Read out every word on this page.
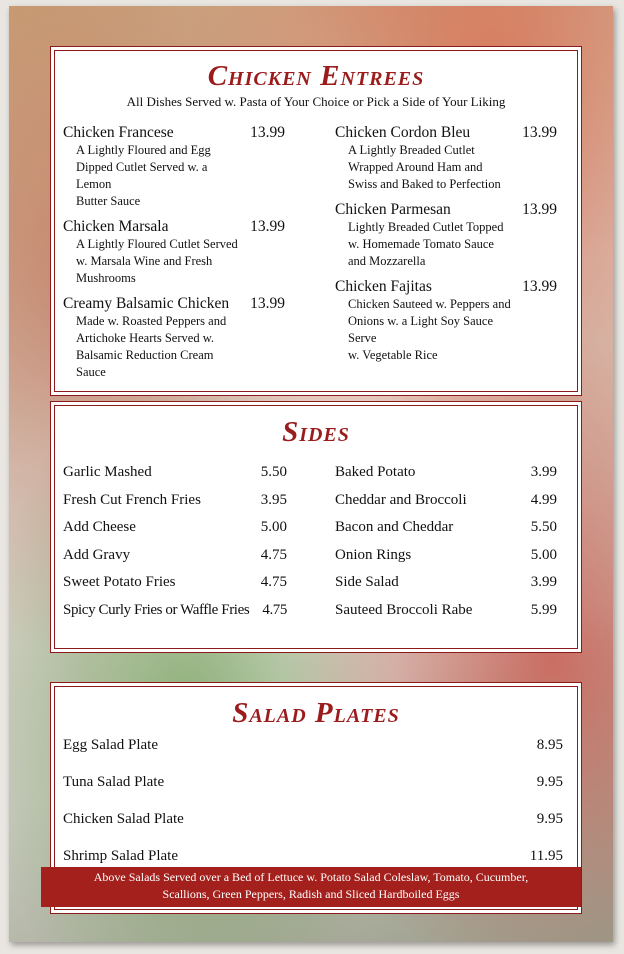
Chicken Entrees
All Dishes Served w. Pasta of Your Choice or Pick a Side of Your Liking
Chicken Francese	13.99
A Lightly Floured and Egg
Dipped Cutlet Served w. a
Lemon
Butter Sauce
Chicken Marsala	13.99
A Lightly Floured Cutlet Served
w. Marsala Wine and Fresh
Mushrooms
Creamy Balsamic Chicken 13.99
Made w. Roasted Peppers and
Artichoke Hearts Served w.
Balsamic Reduction Cream
Sauce
Chicken Cordon Bleu	13.99
A Lightly Breaded Cutlet
Wrapped Around Ham and
Swiss and Baked to Perfection
Chicken Parmesan	13.99
Lightly Breaded Cutlet Topped
w. Homemade Tomato Sauce
and Mozzarella
Chicken Fajitas	13.99
Chicken Sauteed w. Peppers and
Onions w. a Light Soy Sauce
Serve
w. Vegetable Rice
Sides
Garlic Mashed	5.50
Fresh Cut French Fries	3.95
Add Cheese	5.00
Add Gravy	4.75
Sweet Potato Fries	4.75
Spicy Curly Fries or Waffle Fries 4.75
Baked Potato	3.99
Cheddar and Broccoli	4.99
Bacon and Cheddar	5.50
Onion Rings	5.00
Side Salad	3.99
Sauteed Broccoli Rabe	5.99
Salad Plates
Egg Salad Plate	8.95
Tuna Salad Plate	9.95
Chicken Salad Plate	9.95
Shrimp Salad Plate	11.95
Above Salads Served over a Bed of Lettuce w. Potato Salad Coleslaw, Tomato, Cucumber,
Scallions, Green Peppers, Radish and Sliced Hardboiled Eggs
